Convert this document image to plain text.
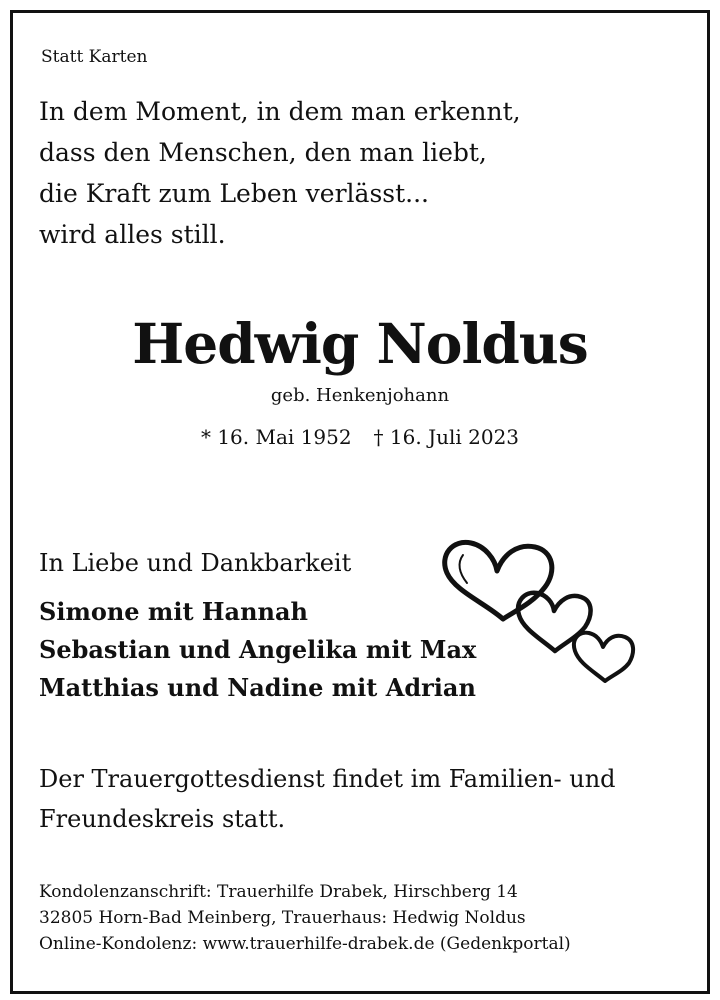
Statt Karten
In dem Moment, in dem man erkennt,
dass den Menschen, den man liebt,
die Kraft zum Leben verlässt...
wird alles still.
Hedwig Noldus
geb. Henkenjohann
* 16. Mai 1952 † 16. Juli 2023
In Liebe und Dankbarkeit
Simone mit Hannah
Sebastian und Angelika mit Max
Matthias und Nadine mit Adrian
Der Trauergottesdienst findet im Familien- und
Freundeskreis statt.
Kondolenzanschrift: Trauerhilfe Drabek, Hirschberg 14
32805 Horn-Bad Meinberg, Trauerhaus: Hedwig Noldus
Online-Kondolenz: www.trauerhilfe-drabek.de (Gedenkportal)
